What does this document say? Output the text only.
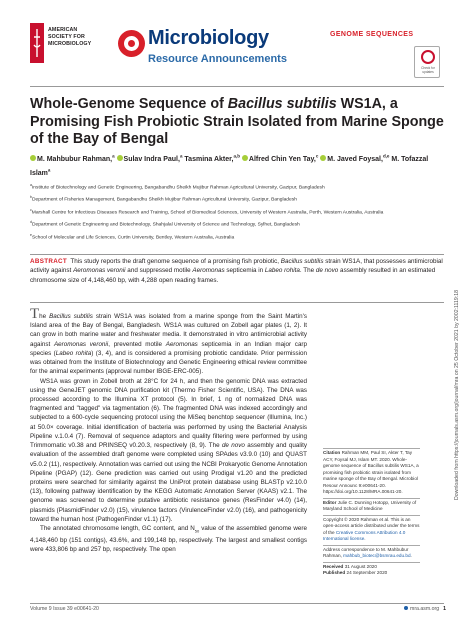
AMERICAN
SOCIETY FOR
MICROBIOLOGY	Microbiology
Resource Announcements
GENOME SEQUENCES
Check for
updates
Whole-Genome Sequence of Bacillus subtilis WS1A, a Promising Fish Probiotic Strain Isolated from Marine Sponge of the Bay of Bengal
M. Mahbubur Rahman,$^a$ Sulav Indra Paul,$^a$ Tasmina Akter,$^{a,b}$ Alfred Chin Yen Tay,$^c$ M. Javed Foysal,$^{d,e}$ M. Tofazzal Islam$^a$
$^a$Institute of Biotechnology and Genetic Engineering, Bangabandhu Sheikh Mujibur Rahman Agricultural University, Gazipur, Bangladesh
$^b$Department of Fisheries Management, Bangabandhu Sheikh Mujibur Rahman Agricultural University, Gazipur, Bangladesh
$^c$Marshall Centre for Infectious Diseases Research and Training, School of Biomedical Sciences, University of Western Australia, Perth, Western Australia, Australia
$^d$Department of Genetic Engineering and Biotechnology, Shahjalal University of Science and Technology, Sylhet, Bangladesh
$^e$School of Molecular and Life Sciences, Curtin University, Bentley, Western Australia, Australia
ABSTRACT This study reports the draft genome sequence of a promising fish probiotic, Bacillus subtilis strain WS1A, that possesses antimicrobial activity against Aeromonas veronii and suppressed motile Aeromonas septicemia in Labeo rohita. The de novo assembly resulted in an estimated chromosome size of 4,148,460 bp, with 4,288 open reading frames.

The Bacillus subtilis strain WS1A was isolated from a marine sponge from the Saint Martin's Island area of the Bay of Bengal, Bangladesh. WS1A was cultured on Zobell agar plates (1, 2). It can grow in both marine water and freshwater media. It demonstrated in vitro antimicrobial activity against Aeromonas veronii, prevented motile Aeromonas septicemia in an Indian major carp species (Labeo rohita) (3, 4), and is considered a promising probiotic candidate. Prior permission was obtained from the Institute of Biotechnology and Genetic Engineering ethical review committee for the animal experiments (approval number IBGE-ERC-005).

WS1A was grown in Zobell broth at 28°C for 24 h, and then the genomic DNA was extracted using the GeneJET genomic DNA purification kit (Thermo Fisher Scientific, USA). The DNA was processed according to the Illumina XT protocol (5). In brief, 1 ng of normalized DNA was fragmented and "tagged" via tagmentation (6). The fragmented DNA was indexed accordingly and subjected to a 600-cycle sequencing protocol using the MiSeq benchtop sequencer (Illumina, Inc.) at 50.0× coverage. Initial identification of bacteria was performed by using the Bacterial Analysis Pipeline v.1.0.4 (7). Removal of sequence adaptors and quality filtering were performed by using Trimmomatic v0.38 and PRINSEQ v0.20.3, respectively (8, 9). The de novo assembly and quality evaluation of the assembled draft genome were completed using SPAdes v3.9.0 (10) and QUAST v5.0.2 (11), respectively. Annotation was carried out using the NCBI Prokaryotic Genome Annotation Pipeline (PGAP) (12). Gene prediction was carried out using Prodigal v1.20 and the predicted proteins were searched for similarity against the UniProt protein database using BLASTp v2.10.0 (13), following pathway identification by the KEGG Automatic Annotation Server (KAAS) v2.1. The genome was screened to determine putative antibiotic resistance genes (ResFinder v4.0) (14), plasmids (PlasmidFinder v2.0) (15), virulence factors (VirulenceFinder v2.0) (16), and pathogenicity toward the human host (PathogenFinder v1.1) (17).

The annotated chromosome length, GC content, and $N_{50}$ value of the assembled genome were 4,148,460 bp (151 contigs), 43.6%, and 199,148 bp, respectively. The largest and smallest contigs were 433,806 bp and 257 bp, respectively. The open

Citation Rahman MM, Paul SI, Akter T, Tay ACY, Foysal MJ, Islam MT. 2020. Whole-genome sequence of Bacillus subtilis WS1A, a promising fish probiotic strain isolated from marine sponge of the Bay of Bengal. Microbiol Resour Announc 9:e00641-20. https://doi.org/10.1128/MRA.00641-20.
Editor Julie C. Dunning Hotopp, University of Maryland School of Medicine
Copyright © 2020 Rahman et al. This is an open-access article distributed under the terms of the Creative Commons Attribution 4.0 International license.
Address correspondence to M. Mahbubur Rahman, mahbub_biotec@bsmrau.edu.bd.
Received 31 August 2020
Published 24 September 2020
Downloaded from https://journals.asm.org/journal/mra on 25 October 2021 by 2002:1119:18
Volume 9 Issue 39 e00641-20	mra.asm.org 1
